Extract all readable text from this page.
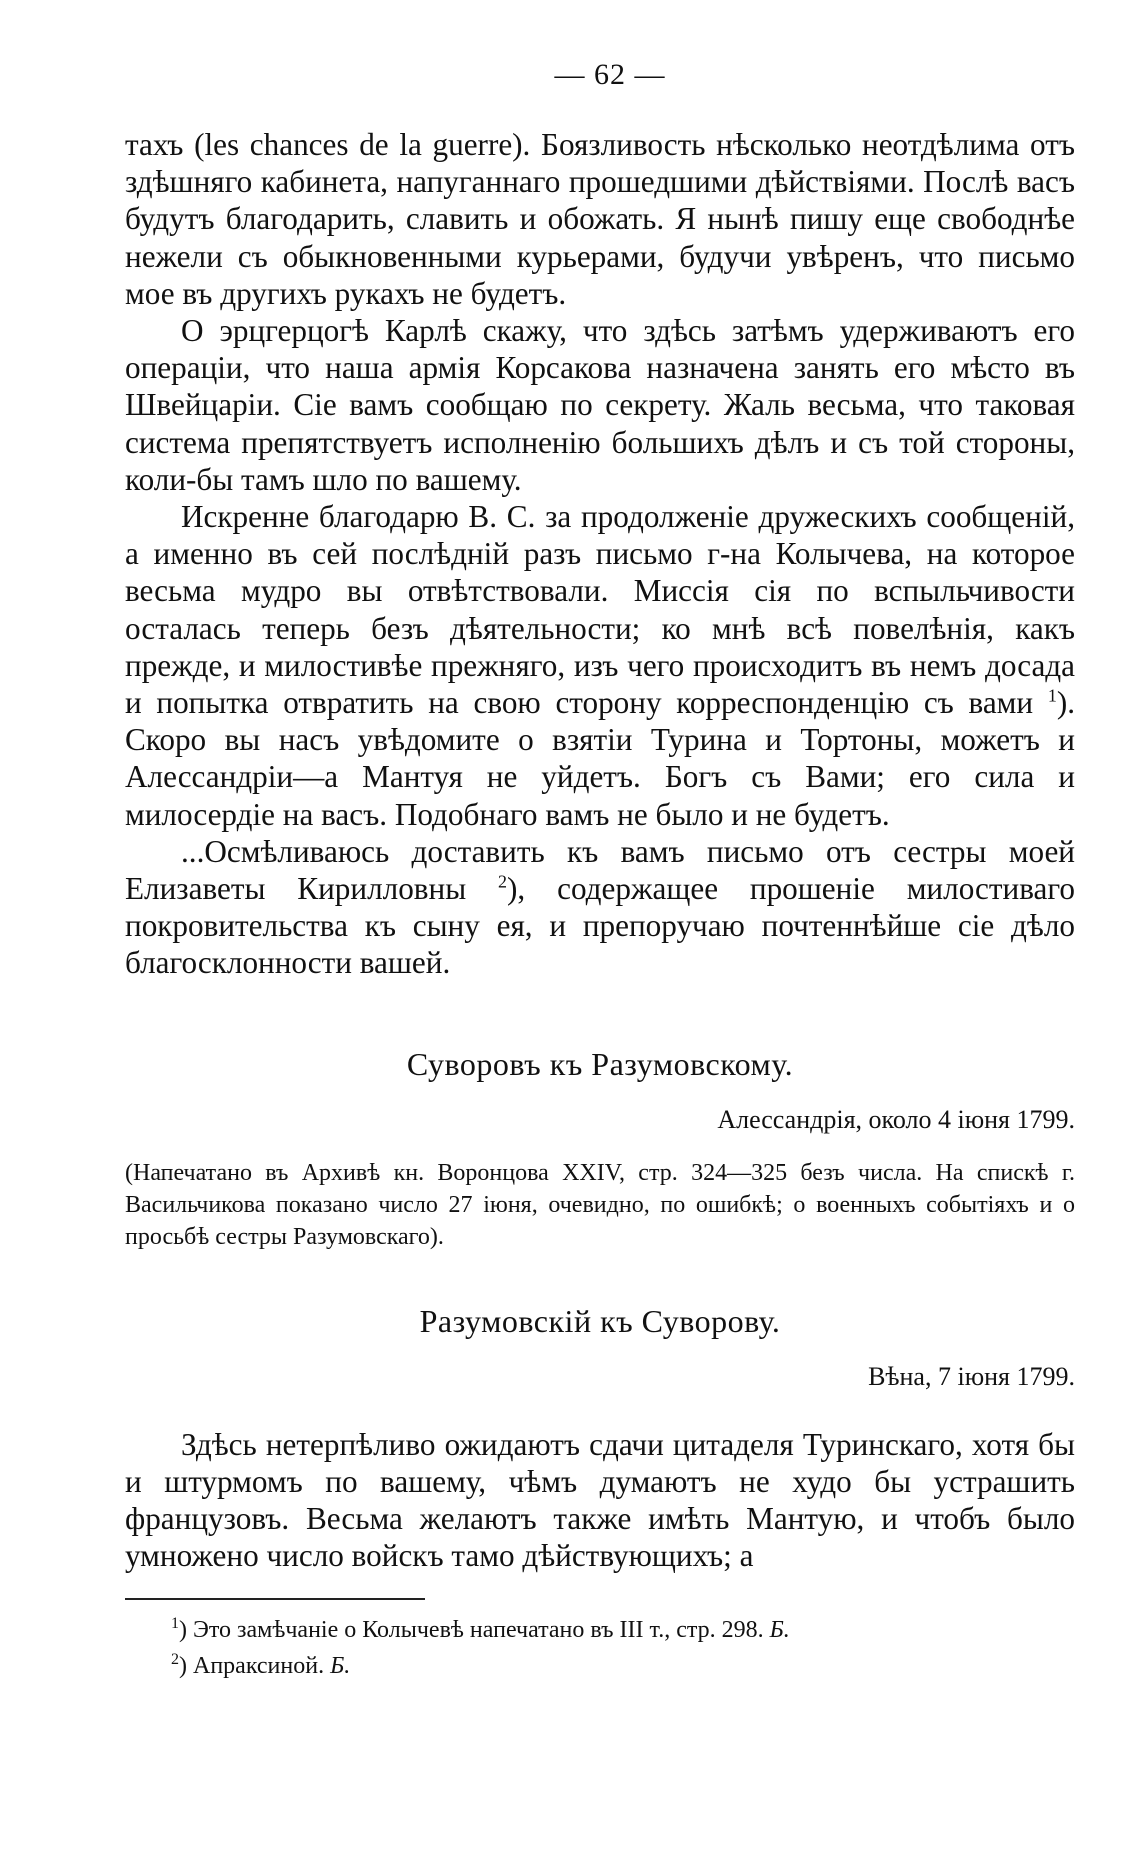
— 62 —

тахъ (les chances de la guerre). Боязливость нѣсколько неотдѣлима отъ здѣшняго кабинета, напуганнаго прошедшими дѣйствіями. Послѣ васъ будутъ благодарить, славить и обожать. Я нынѣ пишу еще свободнѣе нежели съ обыкновенными курьерами, будучи увѣренъ, что письмо мое въ другихъ рукахъ не будетъ.

О эрцгерцогѣ Карлѣ скажу, что здѣсь затѣмъ удерживаютъ его операціи, что наша армія Корсакова назначена занять его мѣсто въ Швейцаріи. Сіе вамъ сообщаю по секрету. Жаль весьма, что таковая система препятствуетъ исполненію большихъ дѣлъ и съ той стороны, коли-бы тамъ шло по вашему.

Искренне благодарю В. С. за продолженіе дружескихъ сообщеній, а именно въ сей послѣдній разъ письмо г-на Колычева, на которое весьма мудро вы отвѣтствовали. Миссія сія по вспыльчивости осталась теперь безъ дѣятельности; ко мнѣ всѣ повелѣнія, какъ прежде, и милостивѣе прежняго, изъ чего происходитъ въ немъ досада и попытка отвратить на свою сторону корреспонденцію съ вами $^1$). Скоро вы насъ увѣдомите о взятіи Турина и Тортоны, можетъ и Алессандріи—а Мантуя не уйдетъ. Богъ съ Вами; его сила и милосердіе на васъ. Подобнаго вамъ не было и не будетъ.

...Осмѣливаюсь доставить къ вамъ письмо отъ сестры моей Елизаветы Кирилловны $^2$), содержащее прошеніе милостиваго покровительства къ сыну ея, и препоручаю почтеннѣйше сіе дѣло благосклонности вашей.

Суворовъ къ Разумовскому.
Алессандрія, около 4 іюня 1799.
(Напечатано въ Архивѣ кн. Воронцова XXIV, стр. 324—325 безъ числа. На спискѣ г. Васильчикова показано число 27 іюня, очевидно, по ошибкѣ; о военныхъ событіяхъ и о просьбѣ сестры Разумовскаго).
Разумовскій къ Суворову.
Вѣна, 7 іюня 1799.

Здѣсь нетерпѣливо ожидаютъ сдачи цитаделя Туринскаго, хотя бы и штурмомъ по вашему, чѣмъ думаютъ не худо бы устрашить французовъ. Весьма желаютъ также имѣть Мантую, и чтобъ было умножено число войскъ тамо дѣйствующихъ; а

$^1$) Это замѣчаніе о Колычевѣ напечатано въ III т., стр. 298. Б.
$^2$) Апраксиной. Б.
